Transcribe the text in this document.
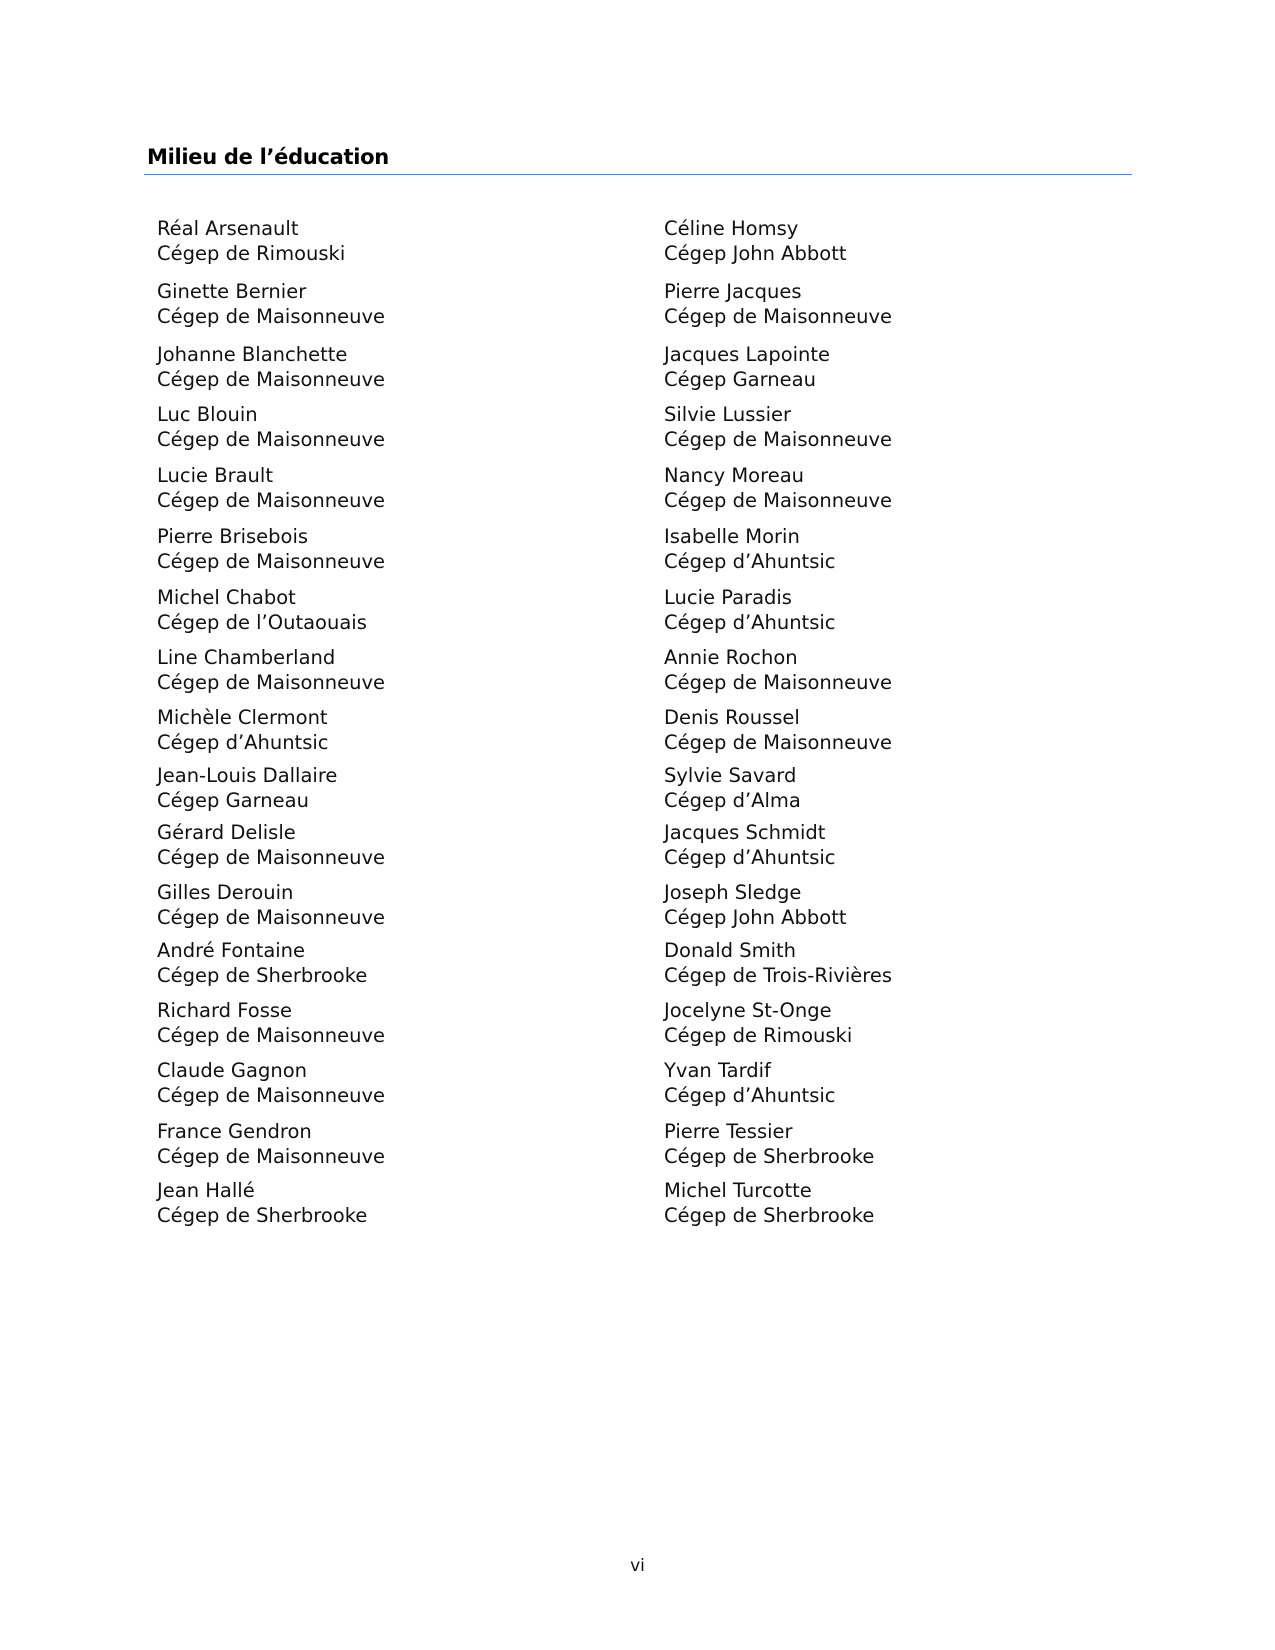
Milieu de l’éducation
Réal Arsenault
Cégep de Rimouski
Ginette Bernier
Cégep de Maisonneuve
Johanne Blanchette
Cégep de Maisonneuve
Luc Blouin
Cégep de Maisonneuve
Lucie Brault
Cégep de Maisonneuve
Pierre Brisebois
Cégep de Maisonneuve
Michel Chabot
Cégep de l’Outaouais
Line Chamberland
Cégep de Maisonneuve
Michèle Clermont
Cégep d’Ahuntsic
Jean-Louis Dallaire
Cégep Garneau
Gérard Delisle
Cégep de Maisonneuve
Gilles Derouin
Cégep de Maisonneuve
André Fontaine
Cégep de Sherbrooke
Richard Fosse
Cégep de Maisonneuve
Claude Gagnon
Cégep de Maisonneuve
France Gendron
Cégep de Maisonneuve
Jean Hallé
Cégep de Sherbrooke
Céline Homsy
Cégep John Abbott
Pierre Jacques
Cégep de Maisonneuve
Jacques Lapointe
Cégep Garneau
Silvie Lussier
Cégep de Maisonneuve
Nancy Moreau
Cégep de Maisonneuve
Isabelle Morin
Cégep d’Ahuntsic
Lucie Paradis
Cégep d’Ahuntsic
Annie Rochon
Cégep de Maisonneuve
Denis Roussel
Cégep de Maisonneuve
Sylvie Savard
Cégep d’Alma
Jacques Schmidt
Cégep d’Ahuntsic
Joseph Sledge
Cégep John Abbott
Donald Smith
Cégep de Trois-Rivières
Jocelyne St-Onge
Cégep de Rimouski
Yvan Tardif
Cégep d’Ahuntsic
Pierre Tessier
Cégep de Sherbrooke
Michel Turcotte
Cégep de Sherbrooke
vi
